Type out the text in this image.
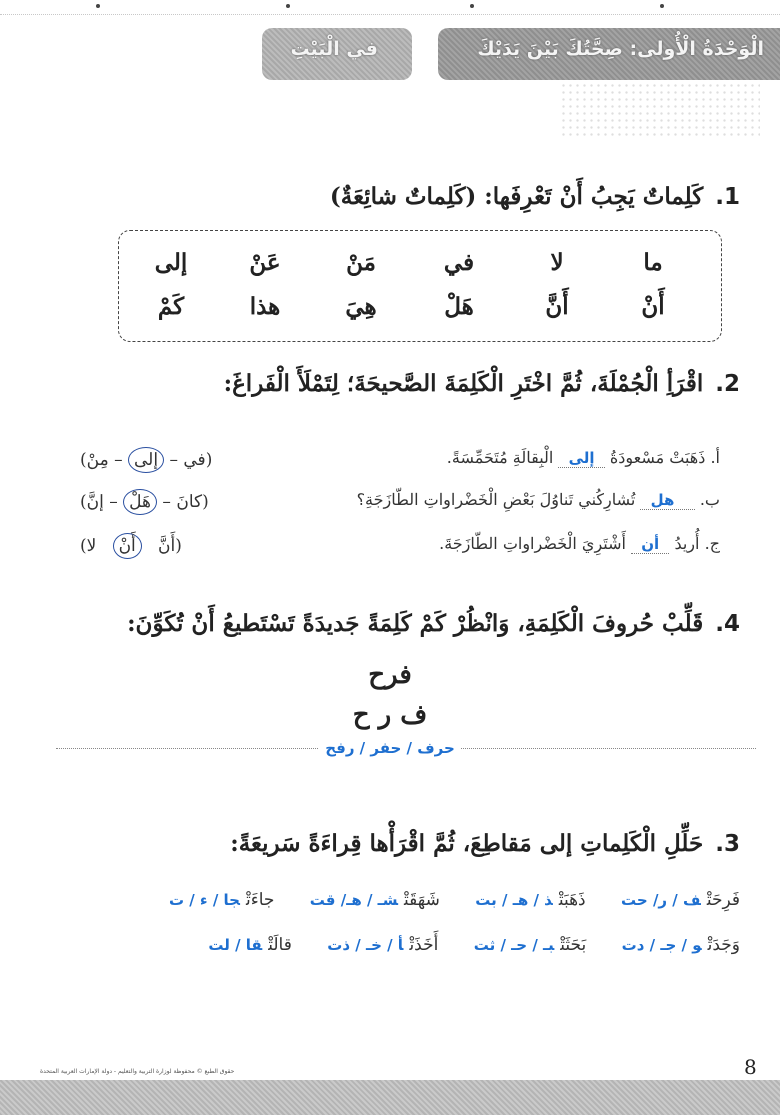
الْوَحْدَةُ الْأُولى: صِحَّتُكَ بَيْنَ يَدَيْكَ
في الْبَيْتِ
1.كَلِماتٌ يَجِبُ أَنْ تَعْرِفَها: (كَلِماتٌ شائِعَةٌ)
ما
لا
في
مَنْ
عَنْ
إلى
أَنْ
أَنَّ
هَلْ
هِيَ
هذا
كَمْ
2.اقْرَأِ الْجُمْلَةَ، ثُمَّ اخْتَرِ الْكَلِمَةَ الصَّحيحَةَ؛ لِتَمْلَأَ الْفَراغَ:
أ. ذَهَبَتْ مَسْعودَةُ   إلى   الْبِقالَةِ مُتَحَمِّسَةً.
(في – إلى – مِنْ)
ب.     هل   تُشارِكُني تَناوُلَ بَعْضِ الْخَضْراواتِ الطّازَجَةِ؟
(كانَ – هَلْ – إنَّ)
ج. أُريدُ   أن   أَشْتَرِيَ الْخَضْراواتِ الطّازَجَةَ.
(أَنَّ   أَنْ   لا)
4.قَلِّبْ حُروفَ الْكَلِمَةِ، وَانْظُرْ كَمْ كَلِمَةً جَديدَةً تَسْتَطيعُ أَنْ تُكَوِّنَ:
فرح
ف ر ح
حرف / حفر / رفح
3.حَلِّلِ الْكَلِماتِ إلى مَقاطِعَ، ثُمَّ اقْرَأْها قِراءَةً سَريعَةً:
فَرِحَتْف / ر/ حت ذَهَبَتْذ / هـ / بت شَهَقَتْشـ / هـ/ قت جاءَتْجا / ء / ت
وَجَدَتْو / جـ / دت بَحَثَتْبـ / حـ / ثت أَخَذَتْأ / خـ / ذت قالَتْقا / لت
حقوق الطبع © محفوظة لوزارة التربية والتعليم - دولة الإمارات العربية المتحدة	8
